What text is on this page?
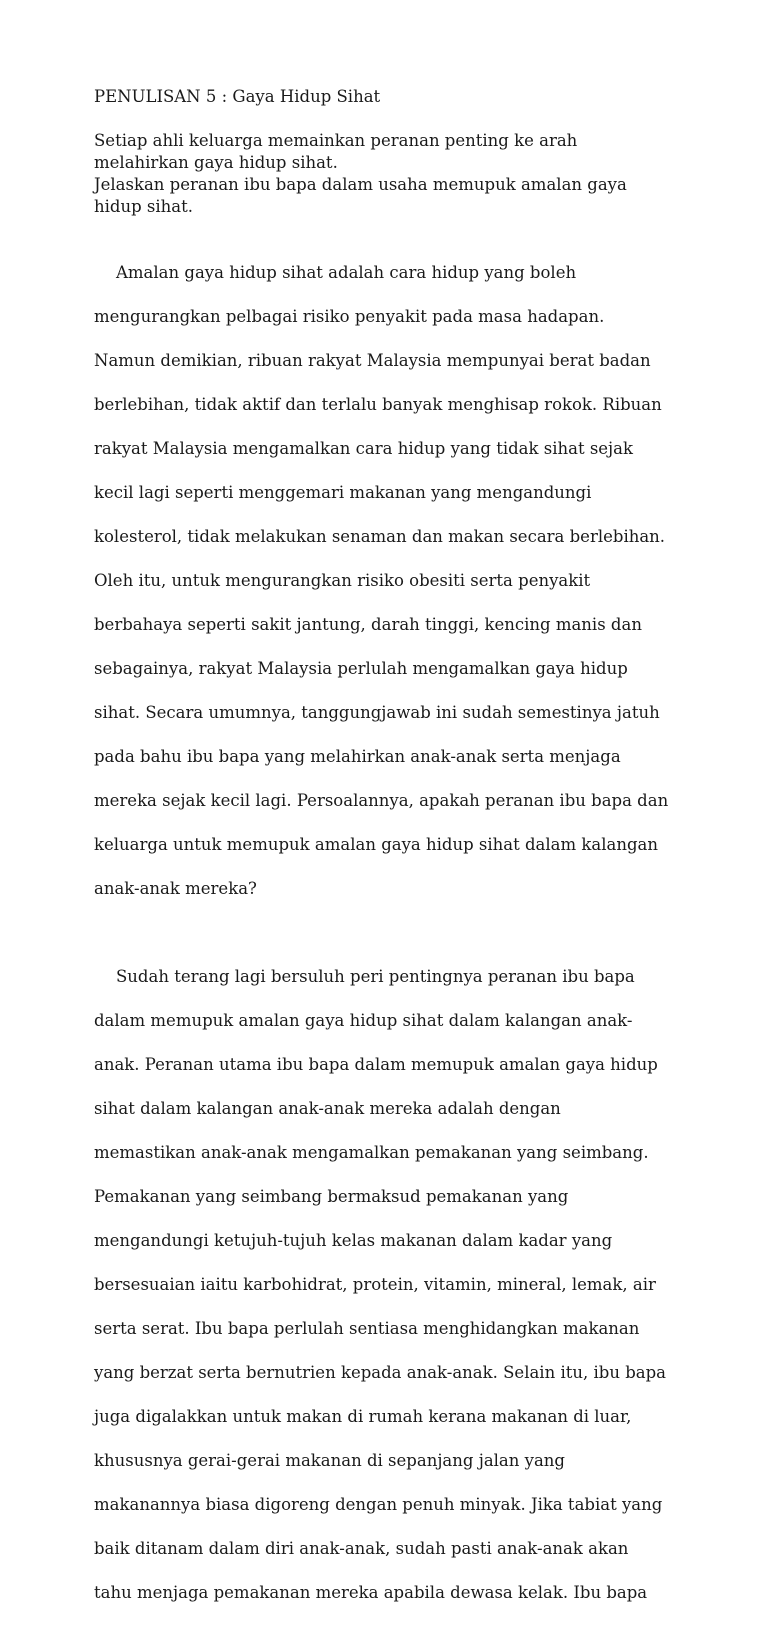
PENULISAN 5 : Gaya Hidup Sihat

Setiap ahli keluarga memainkan peranan penting ke arah
melahirkan gaya hidup sihat.
Jelaskan peranan ibu bapa dalam usaha memupuk amalan gaya
hidup sihat.

Amalan gaya hidup sihat adalah cara hidup yang boleh

mengurangkan pelbagai risiko penyakit pada masa hadapan.

Namun demikian, ribuan rakyat Malaysia mempunyai berat badan

berlebihan, tidak aktif dan terlalu banyak menghisap rokok. Ribuan

rakyat Malaysia mengamalkan cara hidup yang tidak sihat sejak

kecil lagi seperti menggemari makanan yang mengandungi

kolesterol, tidak melakukan senaman dan makan secara berlebihan.

Oleh itu, untuk mengurangkan risiko obesiti serta penyakit

berbahaya seperti sakit jantung, darah tinggi, kencing manis dan

sebagainya, rakyat Malaysia perlulah mengamalkan gaya hidup

sihat. Secara umumnya, tanggungjawab ini sudah semestinya jatuh

pada bahu ibu bapa yang melahirkan anak-anak serta menjaga

mereka sejak kecil lagi. Persoalannya, apakah peranan ibu bapa dan

keluarga untuk memupuk amalan gaya hidup sihat dalam kalangan

anak-anak mereka?

Sudah terang lagi bersuluh peri pentingnya peranan ibu bapa

dalam memupuk amalan gaya hidup sihat dalam kalangan anak-

anak. Peranan utama ibu bapa dalam memupuk amalan gaya hidup

sihat dalam kalangan anak-anak mereka adalah dengan

memastikan anak-anak mengamalkan pemakanan yang seimbang.

Pemakanan yang seimbang bermaksud pemakanan yang

mengandungi ketujuh-tujuh kelas makanan dalam kadar yang

bersesuaian iaitu karbohidrat, protein, vitamin, mineral, lemak, air

serta serat. Ibu bapa perlulah sentiasa menghidangkan makanan

yang berzat serta bernutrien kepada anak-anak. Selain itu, ibu bapa

juga digalakkan untuk makan di rumah kerana makanan di luar,

khususnya gerai-gerai makanan di sepanjang jalan yang

makanannya biasa digoreng dengan penuh minyak. Jika tabiat yang

baik ditanam dalam diri anak-anak, sudah pasti anak-anak akan

tahu menjaga pemakanan mereka apabila dewasa kelak. Ibu bapa
